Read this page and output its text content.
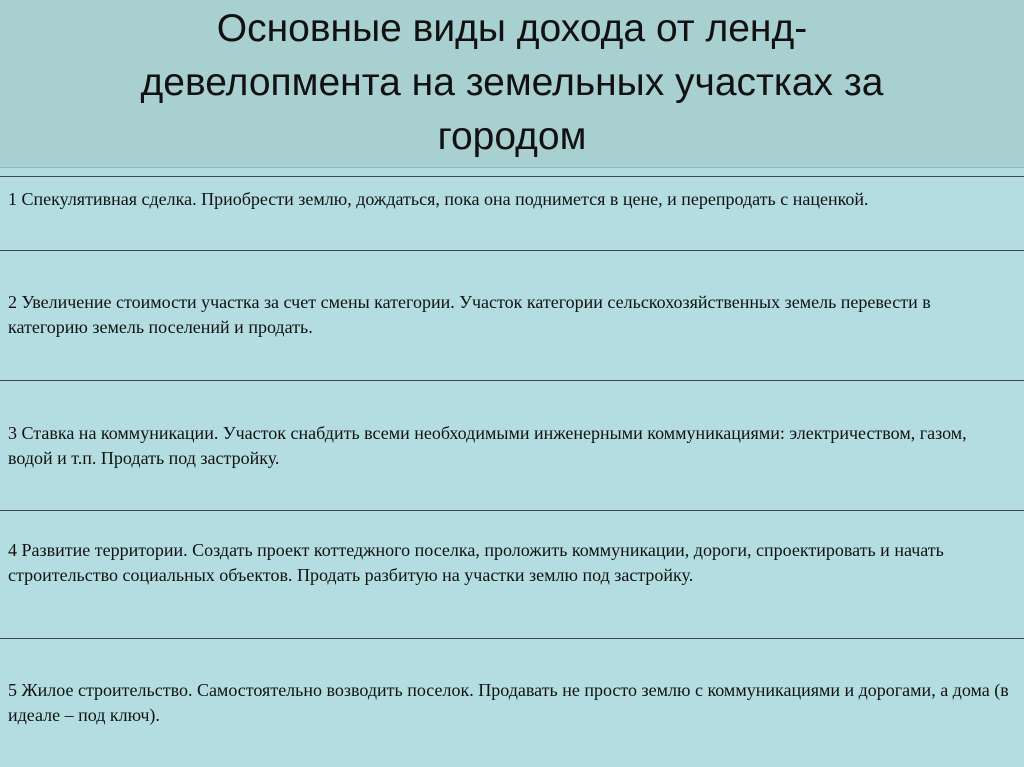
Основные виды дохода от ленд-
девелопмента на земельных участках за
городом

1 Спекулятивная сделка. Приобрести землю, дождаться, пока она поднимется в цене, и перепродать с наценкой.

2 Увеличение стоимости участка за счет смены категории. Участок категории сельскохозяйственных земель перевести в категорию земель поселений и продать.

3 Ставка на коммуникации. Участок снабдить всеми необходимыми инженерными коммуникациями: электричеством, газом, водой и т.п. Продать под застройку.

4 Развитие территории. Создать проект коттеджного поселка, проложить коммуникации, дороги, спроектировать и начать строительство социальных объектов. Продать разбитую на участки землю под застройку.

5 Жилое строительство. Самостоятельно возводить поселок. Продавать не просто землю с коммуникациями и дорогами, а дома (в идеале – под ключ).
